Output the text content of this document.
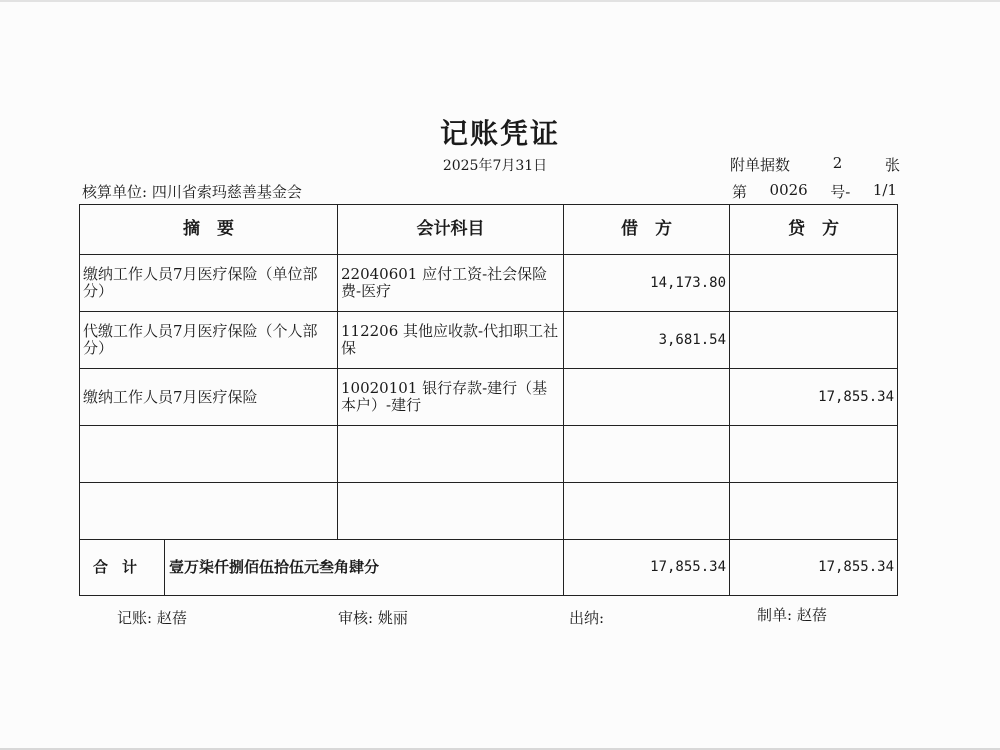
记账凭证
2025年7月31日	附单据数	2	张
核算单位: 四川省索玛慈善基金会	第 0026 号- 1/1
摘　要	会计科目	借　方	贷　方
缴纳工作人员7月医疗保险（单位部分）	22040601 应付工资-社会保险费-医疗	14,173.80	
代缴工作人员7月医疗保险（个人部分）	112206 其他应收款-代扣职工社保	3,681.54	
缴纳工作人员7月医疗保险	10020101 银行存款-建行（基本户）-建行		17,855.34

合计 壹万柒仟捌佰伍拾伍元叁角肆分		17,855.34	17,855.34
记账: 赵蓓	审核: 姚丽	出纳:	制单: 赵蓓
